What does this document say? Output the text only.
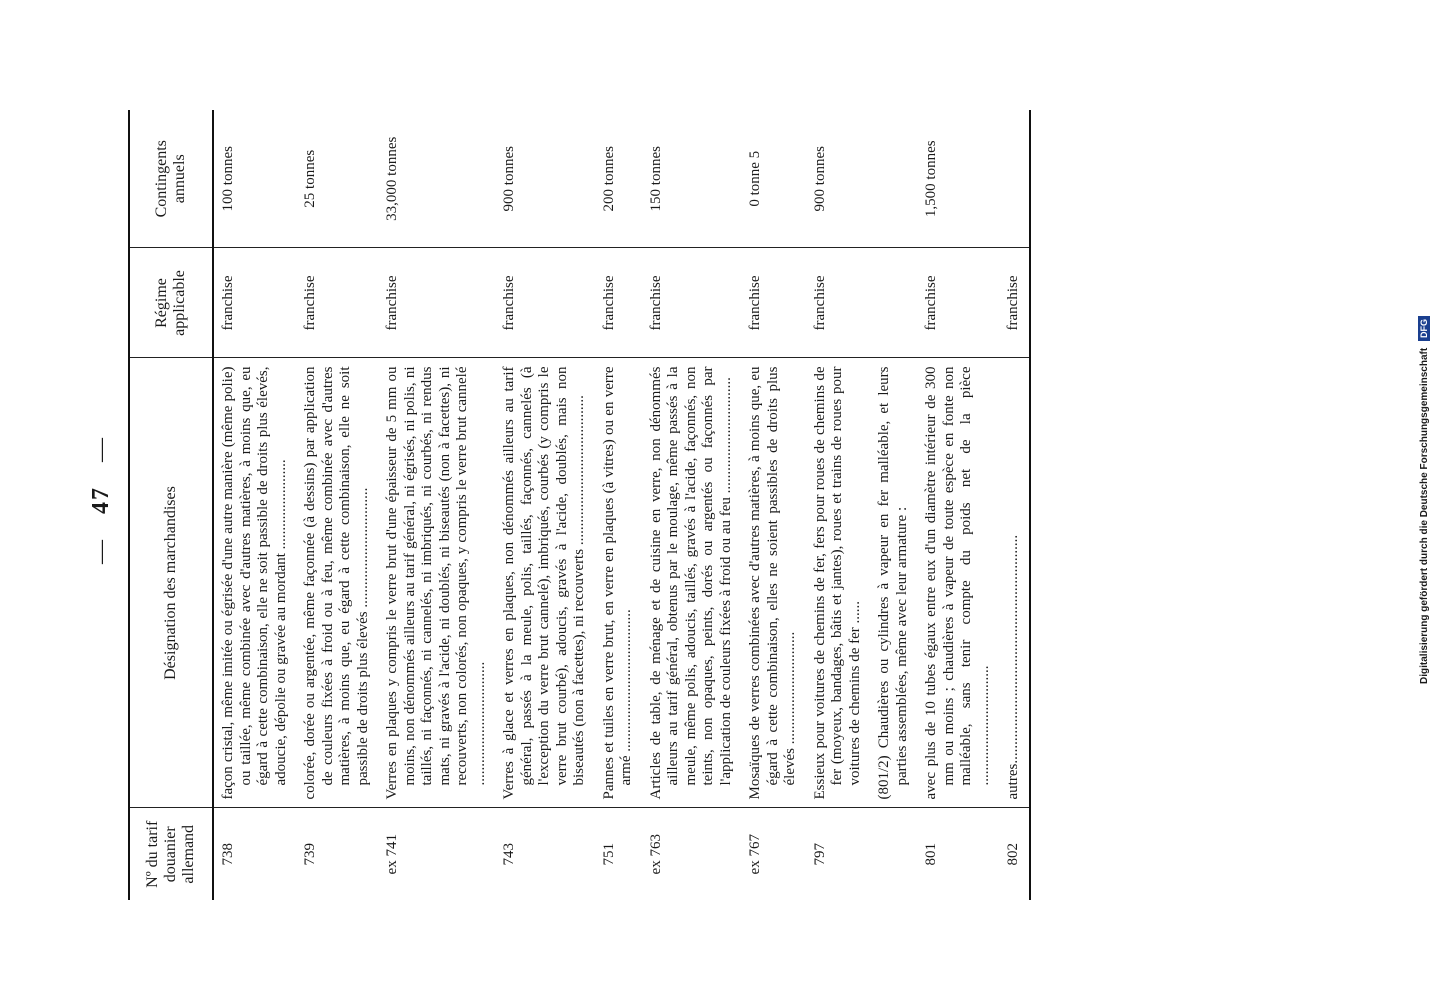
— 47 —
Nº du tarif douanier allemand	Désignation des marchandises	Régime applicable	Contingents annuels
738	façon cristal, même imitée ou égrisée d'une autre manière (même polie) ou taillée, même combinée avec d'autres matières, à moins que, eu égard à cette combinaison, elle ne soit passible de droits plus élevés, adoucie, dépolie ou gravée au mordant ........................	franchise	100 tonnes
739	colorée, dorée ou argentée, même façonnée (à dessins) par application de couleurs fixées à froid ou à feu, même combinée avec d'autres matières, à moins que, eu égard à cette combinaison, elle ne soit passible de droits plus élevés ................................	franchise	25 tonnes
ex 741	Verres en plaques y compris le verre brut d'une épaisseur de 5 mm ou moins, non dénommés ailleurs au tarif général, ni égrisés, ni polis, ni taillés, ni façonnés, ni cannelés, ni imbriqués, ni courbés, ni rendus mats, ni gravés à l'acide, ni doublés, ni biseautés (non à facettes), ni recouverts, non colorés, non opaques, y compris le verre brut cannelé .................................	franchise	33,000 tonnes
743	Verres à glace et verres en plaques, non dénommés ailleurs au tarif général, passés à la meule, polis, taillés, façonnés, cannelés (à l'exception du verre brut cannelé), imbriqués, courbés (y compris le verre brut courbé), adoucis, gravés à l'acide, doublés, mais non biseautés (non à facettes), ni recouverts ........................................	franchise	900 tonnes
751	Pannes et tuiles en verre brut, en verre en plaques (à vitres) ou en verre armé ......................................	franchise	200 tonnes
ex 763	Articles de table, de ménage et de cuisine en verre, non dénommés ailleurs au tarif général, obtenus par le moulage, même passés à la meule, même polis, adoucis, taillés, gravés à l'acide, façonnés, non teints, non opaques, peints, dorés ou argentés ou façonnés par l'application de couleurs fixées à froid ou au feu ...............................	franchise	150 tonnes
ex 767	Mosaïques de verres combinées avec d'autres matières, à moins que, eu égard à cette combinaison, elles ne soient passibles de droits plus élevés ..............................	franchise	0 tonne 5
797	Essieux pour voitures de chemins de fer, fers pour roues de chemins de fer (moyeux, bandages, bâtis et jantes), roues et trains de roues pour voitures de chemins de fer ......	franchise	900 tonnes

	(801/2) Chaudières ou cylindres à vapeur en fer malléable, et leurs parties assemblées, même avec leur armature :		

801	avec plus de 10 tubes égaux entre eux d'un diamètre intérieur de 300 mm ou moins ; chaudières à vapeur de toute espèce en fonte non malléable, sans tenir compte du poids net de la pièce ................................	franchise	1,500 tonnes
802	autres.............................................................	franchise	
Digitalisierung gefördert durch die Deutsche Forschungsgemeinschaft DFG
